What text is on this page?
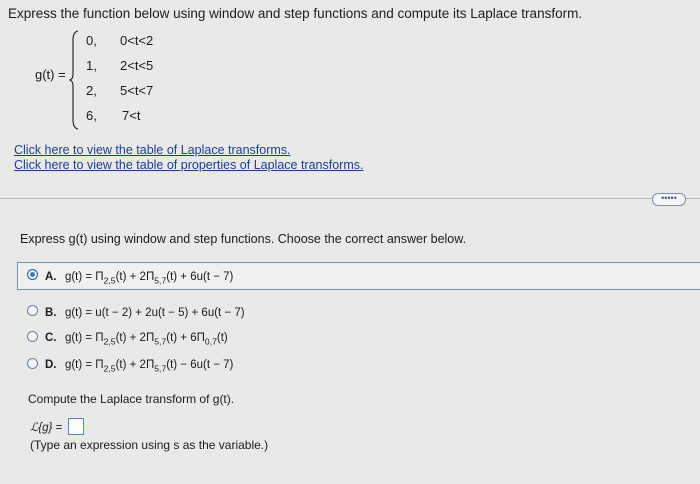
Express the function below using window and step functions and compute its Laplace transform.
g(t) =
0, 0<t<2
1, 2<t<5
2, 5<t<7
6, 7<t
Click here to view the table of Laplace transforms.
Click here to view the table of properties of Laplace transforms.
•••••
Express g(t) using window and step functions. Choose the correct answer below.
A. $g(t) = \Pi_{2,5}(t) + 2\Pi_{5,7}(t) + 6u(t - 7)$
B. g(t) = u(t − 2) + 2u(t − 5) + 6u(t − 7)
C. $g(t) = \Pi_{2,5}(t) + 2\Pi_{5,7}(t) + 6\Pi_{0,7}(t)$
D. $g(t) = \Pi_{2,5}(t) + 2\Pi_{5,7}(t) - 6u(t - 7)$
Compute the Laplace transform of g(t).
ℒ{g} =
(Type an expression using s as the variable.)
